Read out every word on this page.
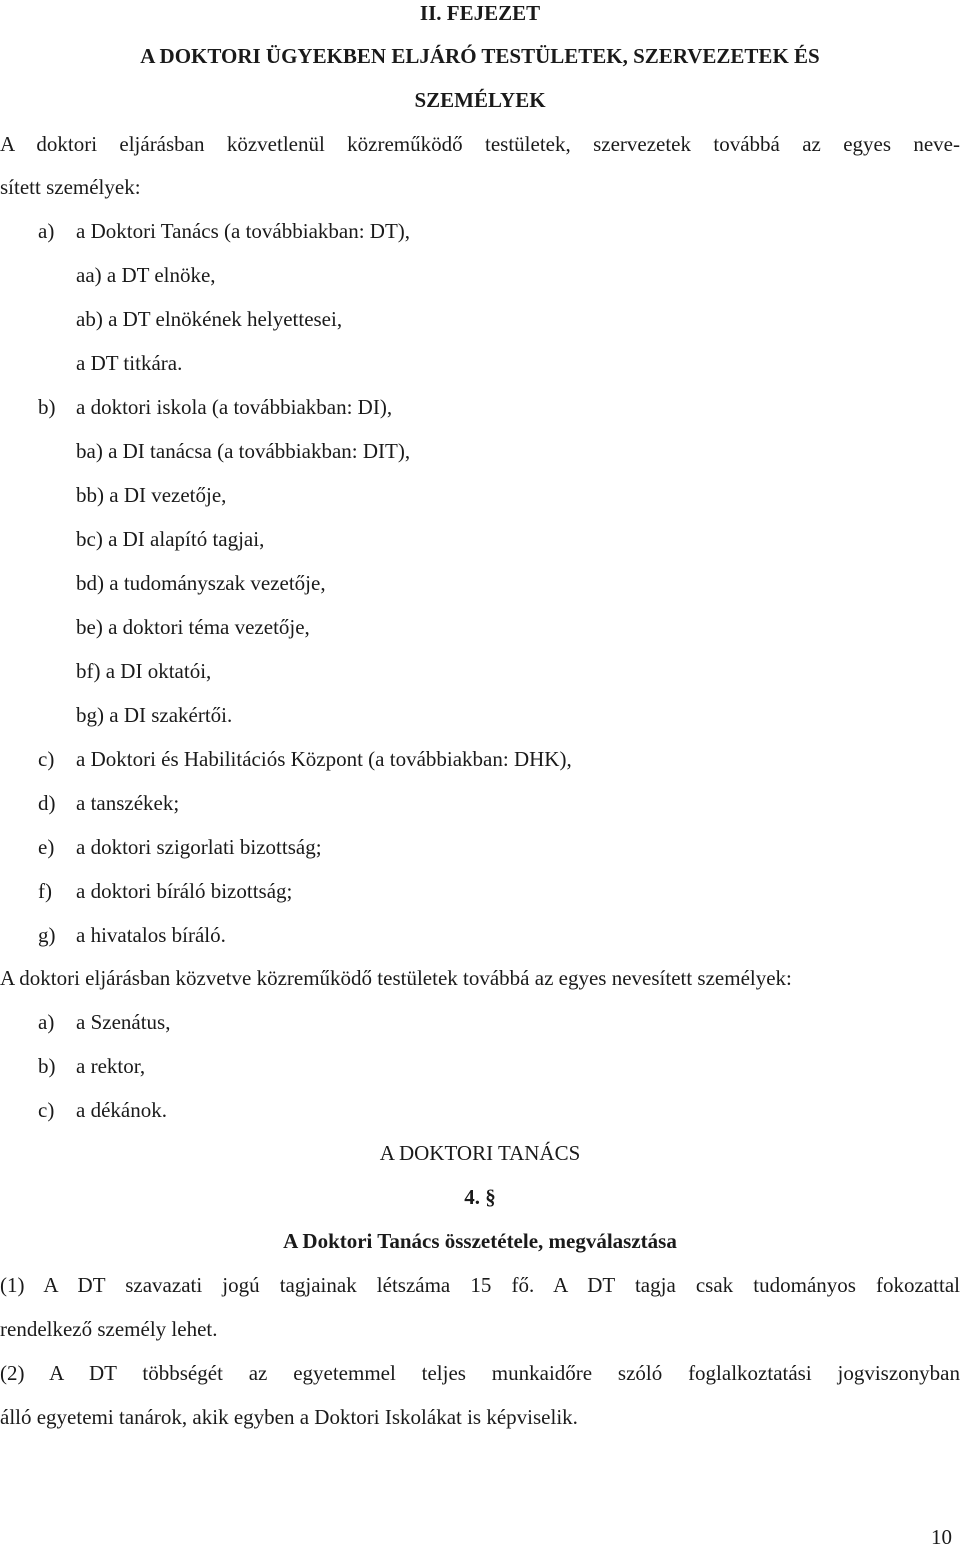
II. FEJEZET
A DOKTORI ÜGYEKBEN ELJÁRÓ TESTÜLETEK, SZERVEZETEK ÉS
SZEMÉLYEK
A doktori eljárásban közvetlenül közreműködő testületek, szervezetek továbbá az egyes neve-
sített személyek:
a) a Doktori Tanács (a továbbiakban: DT),
aa) a DT elnöke,
ab) a DT elnökének helyettesei,
a DT titkára.
b) a doktori iskola (a továbbiakban: DI),
ba) a DI tanácsa (a továbbiakban: DIT),
bb) a DI vezetője,
bc) a DI alapító tagjai,
bd) a tudományszak vezetője,
be) a doktori téma vezetője,
bf) a DI oktatói,
bg) a DI szakértői.
c) a Doktori és Habilitációs Központ (a továbbiakban: DHK),
d) a tanszékek;
e) a doktori szigorlati bizottság;
f) a doktori bíráló bizottság;
g) a hivatalos bíráló.
A doktori eljárásban közvetve közreműködő testületek továbbá az egyes nevesített személyek:
a) a Szenátus,
b) a rektor,
c) a dékánok.
A DOKTORI TANÁCS
4. §
A Doktori Tanács összetétele, megválasztása
(1) A DT szavazati jogú tagjainak létszáma 15 fő. A DT tagja csak tudományos fokozattal
rendelkező személy lehet.
(2) A DT többségét az egyetemmel teljes munkaidőre szóló foglalkoztatási jogviszonyban
álló egyetemi tanárok, akik egyben a Doktori Iskolákat is képviselik.
10
